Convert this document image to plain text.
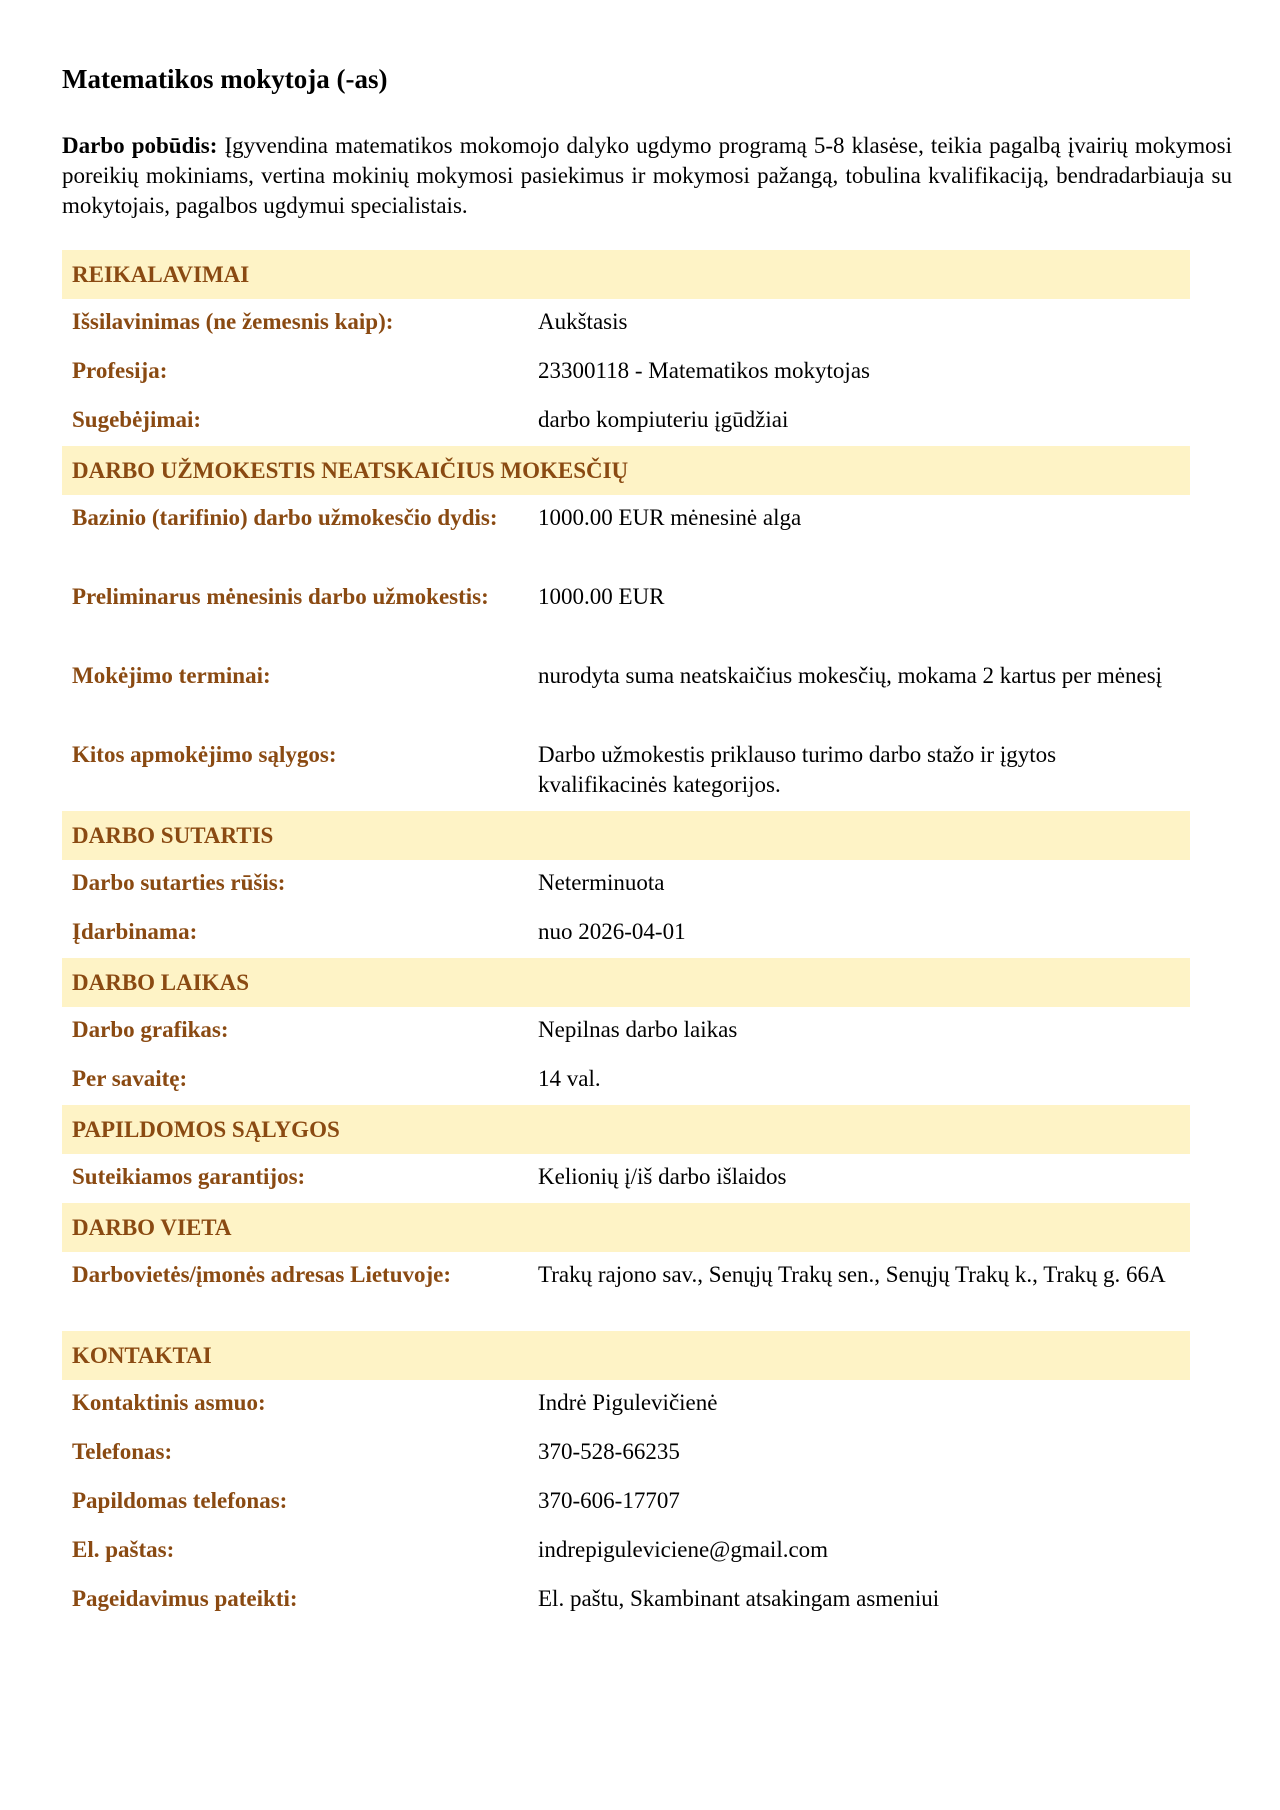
Matematikos mokytoja (-as)

Darbo pobūdis: Įgyvendina matematikos mokomojo dalyko ugdymo programą 5-8 klasėse, teikia pagalbą įvairių mokymosi poreikių mokiniams, vertina mokinių mokymosi pasiekimus ir mokymosi pažangą, tobulina kvalifikaciją, bendradarbiauja su mokytojais, pagalbos ugdymui specialistais.

REIKALAVIMAI
Išsilavinimas (ne žemesnis kaip):	Aukštasis
Profesija:	23300118 - Matematikos mokytojas
Sugebėjimai:	darbo kompiuteriu įgūdžiai
DARBO UŽMOKESTIS NEATSKAIČIUS MOKESČIŲ
Bazinio (tarifinio) darbo užmokesčio dydis:	1000.00 EUR mėnesinė alga
Preliminarus mėnesinis darbo užmokestis:	1000.00 EUR
Mokėjimo terminai:	nurodyta suma neatskaičius mokesčių, mokama 2 kartus per mėnesį
Kitos apmokėjimo sąlygos:	Darbo užmokestis priklauso turimo darbo stažo ir įgytos kvalifikacinės kategorijos.
DARBO SUTARTIS
Darbo sutarties rūšis:	Neterminuota
Įdarbinama:	nuo 2026-04-01
DARBO LAIKAS
Darbo grafikas:	Nepilnas darbo laikas
Per savaitę:	14 val.
PAPILDOMOS SĄLYGOS
Suteikiamos garantijos:	Kelionių į/iš darbo išlaidos
DARBO VIETA
Darbovietės/įmonės adresas Lietuvoje:	Trakų rajono sav., Senųjų Trakų sen., Senųjų Trakų k., Trakų g. 66A
KONTAKTAI
Kontaktinis asmuo:	Indrė Pigulevičienė
Telefonas:	370-528-66235
Papildomas telefonas:	370-606-17707
El. paštas:	indrepiguleviciene@gmail.com
Pageidavimus pateikti:	El. paštu, Skambinant atsakingam asmeniui
